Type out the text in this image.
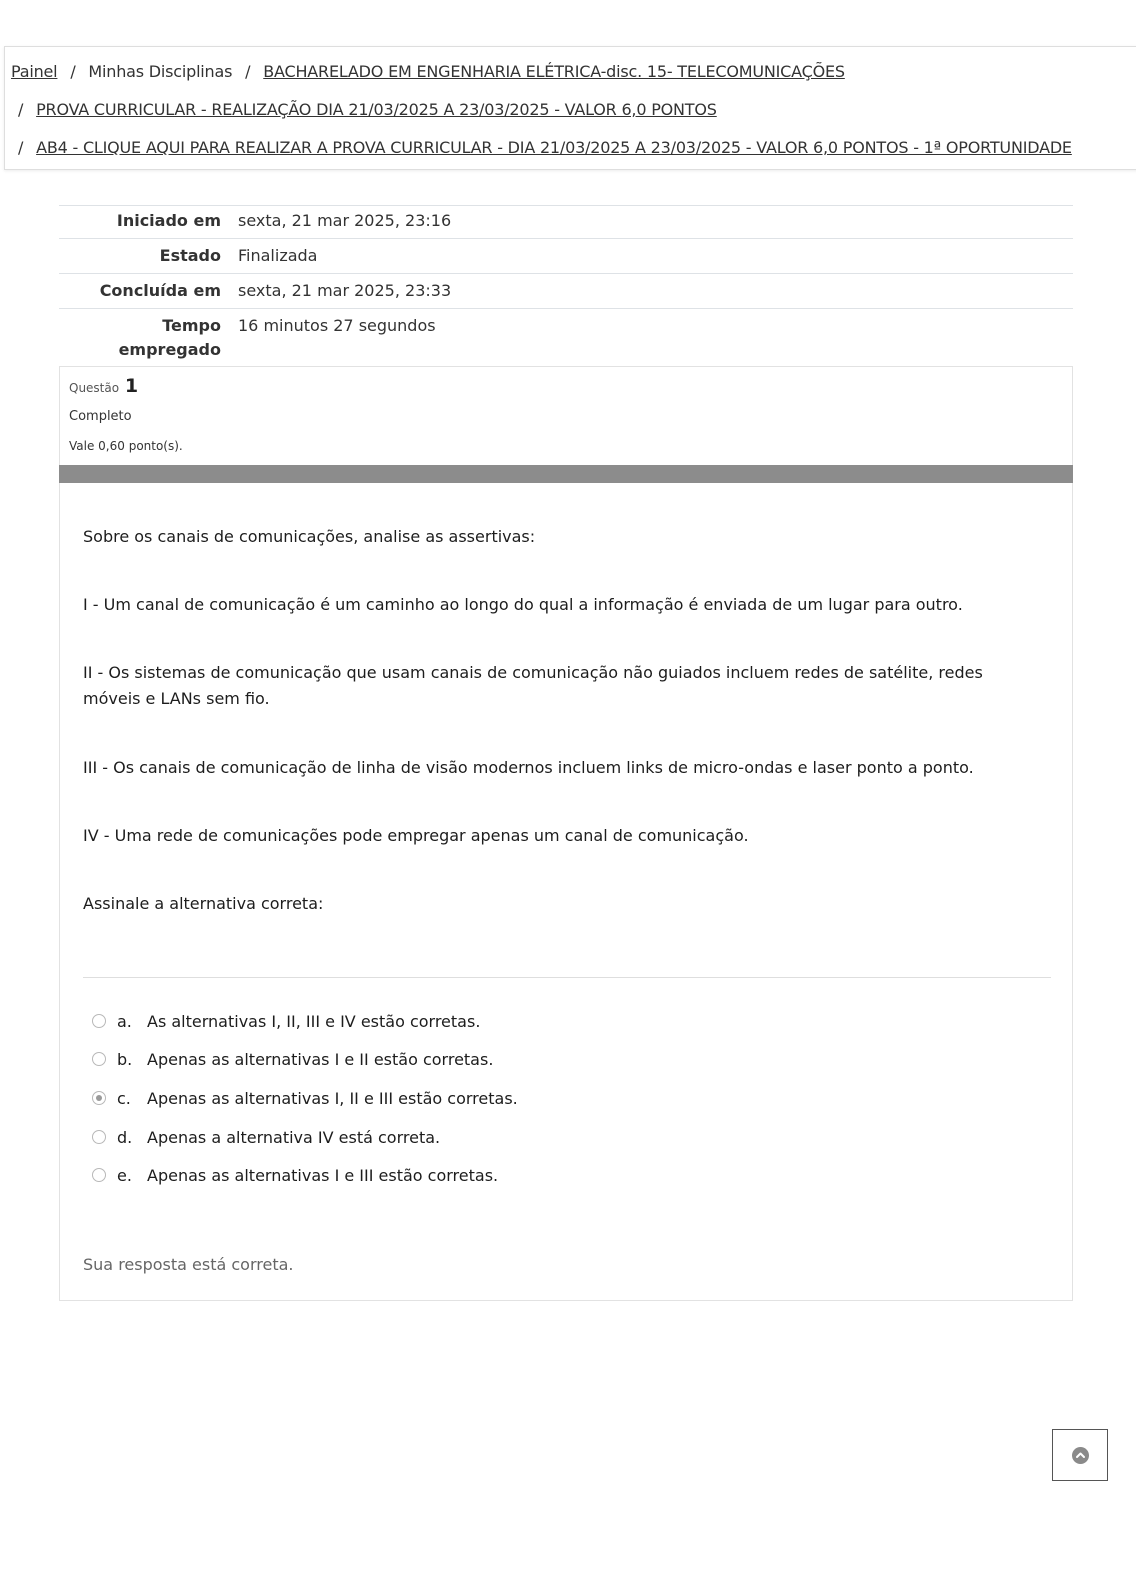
Painel / Minhas Disciplinas / BACHARELADO EM ENGENHARIA ELÉTRICA-disc. 15- TELECOMUNICAÇÕES
/ PROVA CURRICULAR - REALIZAÇÃO DIA 21/03/2025 A 23/03/2025 - VALOR 6,0 PONTOS
/ AB4 - CLIQUE AQUI PARA REALIZAR A PROVA CURRICULAR - DIA 21/03/2025 A 23/03/2025 - VALOR 6,0 PONTOS - 1ª OPORTUNIDADE
Iniciado em	sexta, 21 mar 2025, 23:16
Estado	Finalizada
Concluída em	sexta, 21 mar 2025, 23:33
Tempo empregado	16 minutos 27 segundos
Questão 1
Completo
Vale 0,60 ponto(s).
Sobre os canais de comunicações, analise as assertivas:
I - Um canal de comunicação é um caminho ao longo do qual a informação é enviada de um lugar para outro.
II - Os sistemas de comunicação que usam canais de comunicação não guiados incluem redes de satélite, redes móveis e LANs sem fio.
III - Os canais de comunicação de linha de visão modernos incluem links de micro-ondas e laser ponto a ponto.
IV - Uma rede de comunicações pode empregar apenas um canal de comunicação.
Assinale a alternativa correta:
a. As alternativas I, II, III e IV estão corretas.
b. Apenas as alternativas I e II estão corretas.
c. Apenas as alternativas I, II e III estão corretas.
d. Apenas a alternativa IV está correta.
e. Apenas as alternativas I e III estão corretas.
Sua resposta está correta.
